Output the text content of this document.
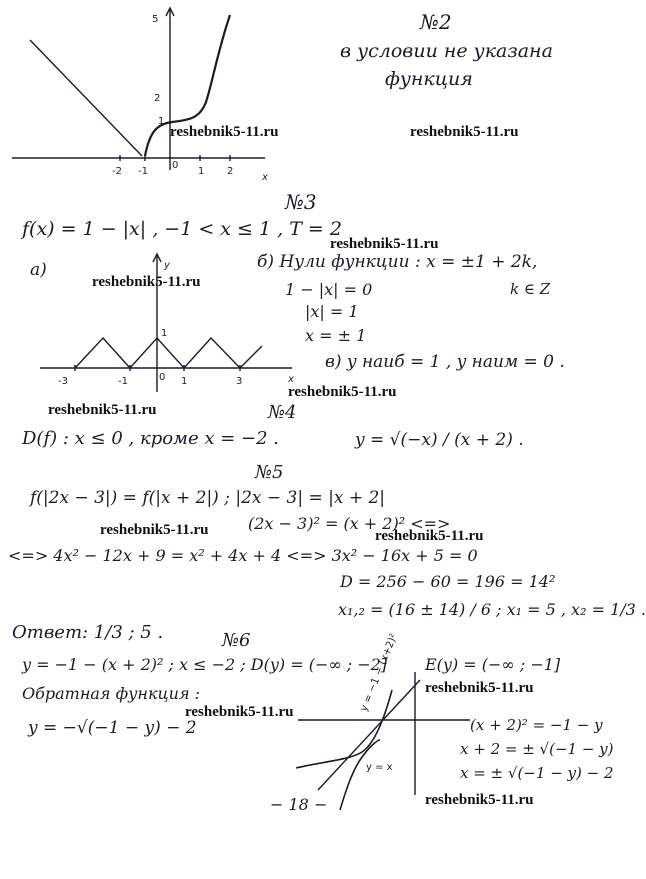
5
2
1
-2 -1
0
1 2
x
№2
в условии не указана
функция
reshebnik5-11.ru	reshebnik5-11.ru
№3
f(x) = 1 − |x| , −1 < x ≤ 1 , T = 2
а)
reshebnik5-11.ru
б) Нули функции : x = ±1 + 2k,
k ∈ Z
1 − |x| = 0
|x| = 1
x = ± 1
в) y наиб = 1 , y наим = 0 .
reshebnik5-11.ru
y
x
1
-3	-1	0 1	3
reshebnik5-11.ru
reshebnik5-11.ru	№4
D(f) : x ≤ 0 , кроме x = −2 .	y = √(−x) / (x + 2) .
№5
f(|2x − 3|) = f(|x + 2|) ; |2x − 3| = |x + 2|
reshebnik5-11.ru (2x − 3)² = (x + 2)² <=>
reshebnik5-11.ru
<=> 4x² − 12x + 9 = x² + 4x + 4 <=> 3x² − 16x + 5 = 0
D = 256 − 60 = 196 = 14²
x₁,₂ = (16 ± 14) / 6 ; x₁ = 5 , x₂ = 1/3 .
Ответ: 1/3 ; 5 .	№6
y = −1 − (x + 2)² ; x ≤ −2 ; D(y) = (−∞ ; −2] E(y) = (−∞ ; −1]
reshebnik5-11.ru
Обратная функция :
reshebnik5-11.ru
y = −√(−1 − y) − 2
y = −1 − (x+2)²
y = x
(x + 2)² = −1 − y
x + 2 = ± √(−1 − y)
x = ± √(−1 − y) − 2
− 18 −	reshebnik5-11.ru
